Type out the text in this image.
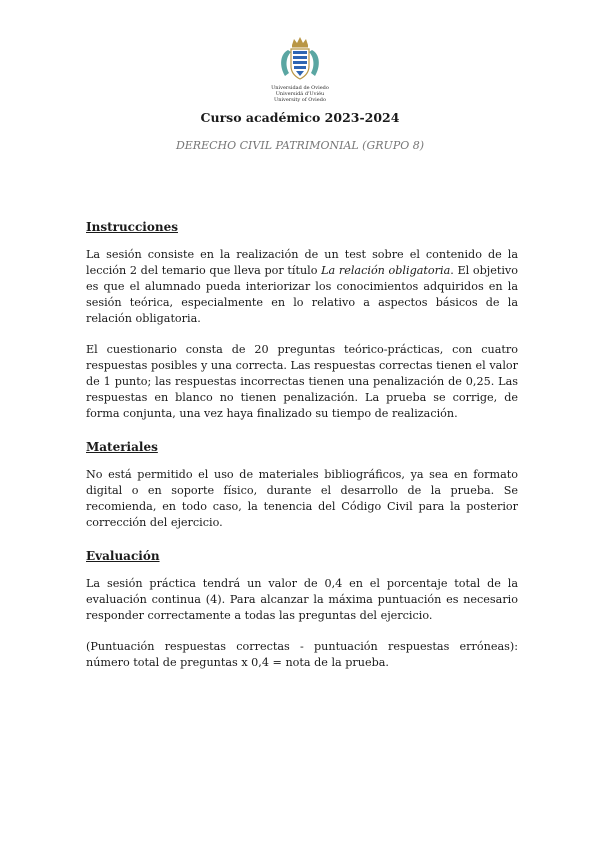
Universidad de Oviedo
Universidá d'Uviéu
University of Oviedo
Curso académico 2023-2024
DERECHO CIVIL PATRIMONIAL (GRUPO 8)
Instrucciones

La sesión consiste en la realización de un test sobre el contenido de la lección 2 del temario que lleva por título La relación obligatoria. El objetivo es que el alumnado pueda interiorizar los conocimientos adquiridos en la sesión teórica, especialmente en lo relativo a aspectos básicos de la relación obligatoria.

El cuestionario consta de 20 preguntas teórico-prácticas, con cuatro respuestas posibles y una correcta. Las respuestas correctas tienen el valor de 1 punto; las respuestas incorrectas tienen una penalización de 0,25. Las respuestas en blanco no tienen penalización. La prueba se corrige, de forma conjunta, una vez haya finalizado su tiempo de realización.

Materiales

No está permitido el uso de materiales bibliográficos, ya sea en formato digital o en soporte físico, durante el desarrollo de la prueba. Se recomienda, en todo caso, la tenencia del Código Civil para la posterior corrección del ejercicio.

Evaluación

La sesión práctica tendrá un valor de 0,4 en el porcentaje total de la evaluación continua (4). Para alcanzar la máxima puntuación es necesario responder correctamente a todas las preguntas del ejercicio.

(Puntuación respuestas correctas - puntuación respuestas erróneas): número total de preguntas x 0,4 = nota de la prueba.
